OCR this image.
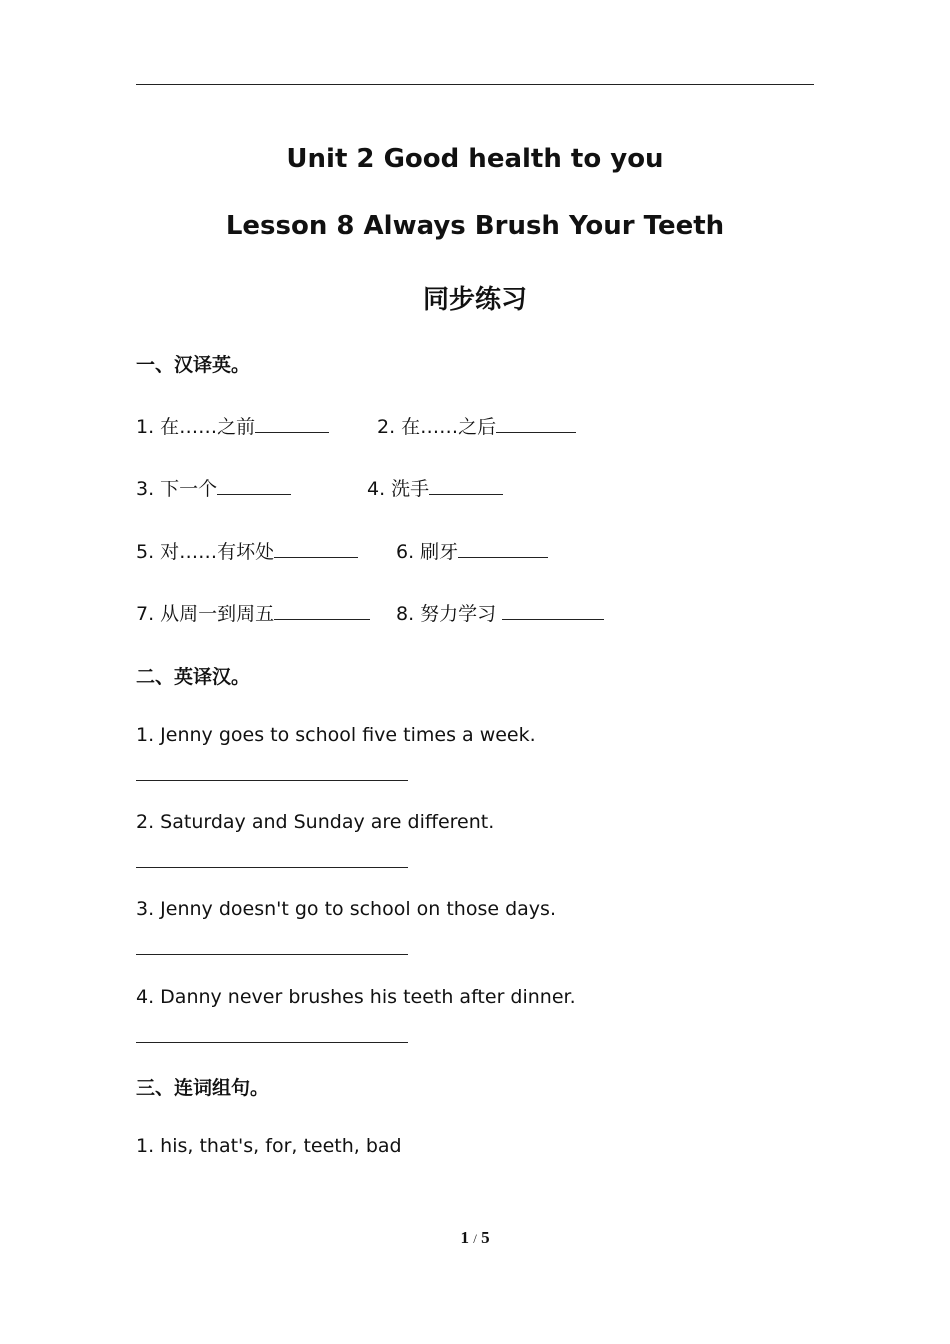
Unit 2 Good health to you
Lesson 8 Always Brush Your Teeth
同步练习
一、汉译英。
1. 在……之前	2. 在……之后
3. 下一个	4. 洗手
5. 对……有坏处	6. 刷牙
7. 从周一到周五	8. 努力学习
二、英译汉。
1. Jenny goes to school five times a week.
2. Saturday and Sunday are different.
3. Jenny doesn't go to school on those days.
4. Danny never brushes his teeth after dinner.
三、连词组句。
1. his, that's, for, teeth, bad
1 / 5
